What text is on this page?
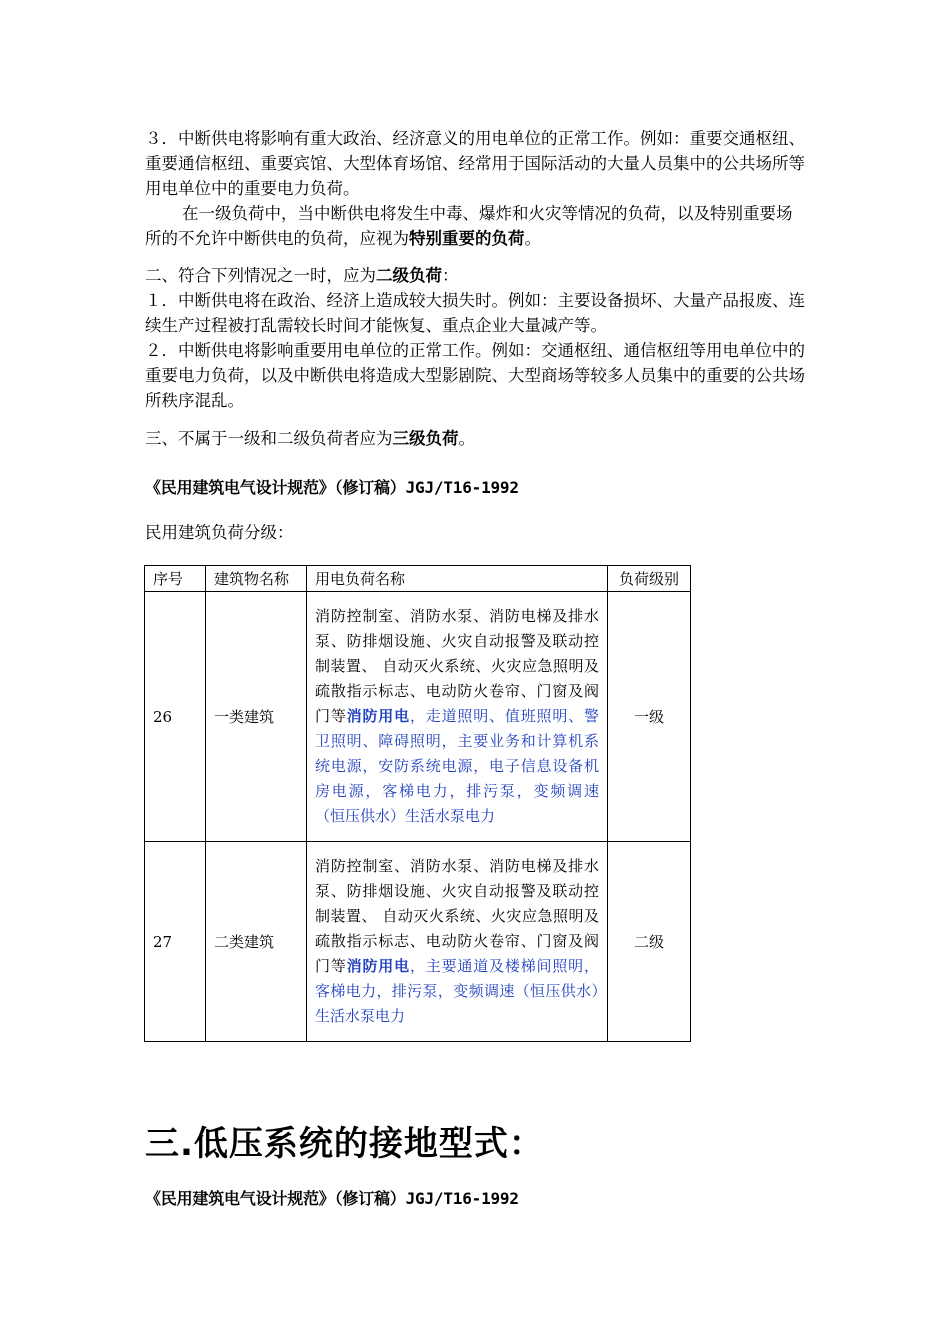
３．中断供电将影响有重大政治、经济意义的用电单位的正常工作。例如：重要交通枢纽、重要通信枢纽、重要宾馆、大型体育场馆、经常用于国际活动的大量人员集中的公共场所等用电单位中的重要电力负荷。
在一级负荷中，当中断供电将发生中毒、爆炸和火灾等情况的负荷，以及特别重要场所的不允许中断供电的负荷，应视为特别重要的负荷。
二、符合下列情况之一时，应为二级负荷：
１．中断供电将在政治、经济上造成较大损失时。例如：主要设备损坏、大量产品报废、连续生产过程被打乱需较长时间才能恢复、重点企业大量减产等。
２．中断供电将影响重要用电单位的正常工作。例如：交通枢纽、通信枢纽等用电单位中的重要电力负荷，以及中断供电将造成大型影剧院、大型商场等较多人员集中的重要的公共场所秩序混乱。
三、不属于一级和二级负荷者应为三级负荷。
《民用建筑电气设计规范》（修订稿）JGJ/T16-1992
民用建筑负荷分级：
序号	建筑物名称	用电负荷名称	负荷级别
26	一类建筑	消防控制室、消防水泵、消防电梯及排水泵、防排烟设施、火灾自动报警及联动控制装置、 自动灭火系统、火灾应急照明及疏散指示标志、电动防火卷帘、门窗及阀门等消防用电，走道照明、值班照明、警卫照明、障碍照明，主要业务和计算机系统电源，安防系统电源，电子信息设备机房电源，客梯电力，排污泵，变频调速（恒压供水）生活水泵电力	一级
27	二类建筑	消防控制室、消防水泵、消防电梯及排水泵、防排烟设施、火灾自动报警及联动控制装置、 自动灭火系统、火灾应急照明及疏散指示标志、电动防火卷帘、门窗及阀门等消防用电，主要通道及楼梯间照明，客梯电力，排污泵，变频调速（恒压供水）生活水泵电力	二级
三.低压系统的接地型式：
《民用建筑电气设计规范》（修订稿）JGJ/T16-1992
